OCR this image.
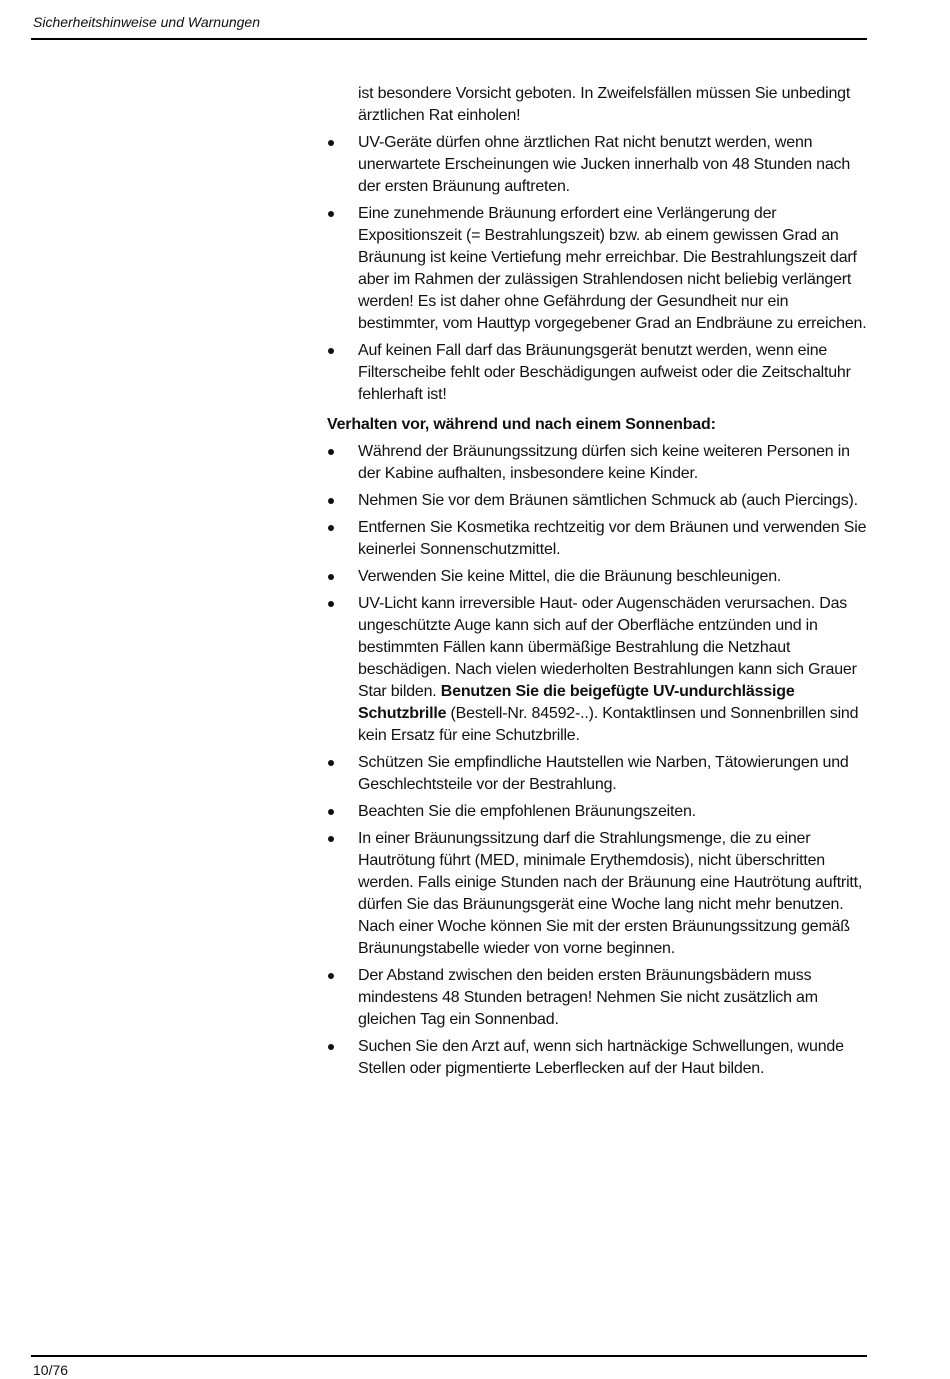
Sicherheitshinweise und Warnungen

ist besondere Vorsicht geboten. In Zweifelsfällen müssen Sie unbedingt ärztlichen Rat einholen!

UV-Geräte dürfen ohne ärztlichen Rat nicht benutzt werden, wenn unerwartete Erscheinungen wie Jucken innerhalb von 48 Stunden nach der ersten Bräunung auftreten.
Eine zunehmende Bräunung erfordert eine Verlängerung der Expositionszeit (= Bestrahlungszeit) bzw. ab einem gewissen Grad an Bräunung ist keine Vertiefung mehr erreichbar. Die Bestrahlungszeit darf aber im Rahmen der zulässigen Strahlendosen nicht beliebig verlängert werden! Es ist daher ohne Gefährdung der Gesundheit nur ein bestimmter, vom Hauttyp vorgegebener Grad an Endbräune zu erreichen.
Auf keinen Fall darf das Bräunungsgerät benutzt werden, wenn eine Filterscheibe fehlt oder Beschädigungen aufweist oder die Zeitschaltuhr fehlerhaft ist!
Verhalten vor, während und nach einem Sonnenbad:
Während der Bräunungssitzung dürfen sich keine weiteren Personen in der Kabine aufhalten, insbesondere keine Kinder.
Nehmen Sie vor dem Bräunen sämtlichen Schmuck ab (auch Piercings).
Entfernen Sie Kosmetika rechtzeitig vor dem Bräunen und verwenden Sie keinerlei Sonnenschutzmittel.
Verwenden Sie keine Mittel, die die Bräunung beschleunigen.
UV-Licht kann irreversible Haut- oder Augenschäden verursachen. Das ungeschützte Auge kann sich auf der Oberfläche entzünden und in bestimmten Fällen kann übermäßige Bestrahlung die Netzhaut beschädigen. Nach vielen wiederholten Bestrahlungen kann sich Grauer Star bilden. Benutzen Sie die beigefügte UV-undurchlässige Schutzbrille (Bestell-Nr. 84592-..). Kontaktlinsen und Sonnenbrillen sind kein Ersatz für eine Schutzbrille.
Schützen Sie empfindliche Hautstellen wie Narben, Tätowierungen und Geschlechtsteile vor der Bestrahlung.
Beachten Sie die empfohlenen Bräunungszeiten.
In einer Bräunungssitzung darf die Strahlungsmenge, die zu einer Hautrötung führt (MED, minimale Erythemdosis), nicht überschritten werden. Falls einige Stunden nach der Bräunung eine Hautrötung auftritt, dürfen Sie das Bräunungsgerät eine Woche lang nicht mehr benutzen. Nach einer Woche können Sie mit der ersten Bräunungssitzung gemäß Bräunungstabelle wieder von vorne beginnen.
Der Abstand zwischen den beiden ersten Bräunungsbädern muss mindestens 48 Stunden betragen! Nehmen Sie nicht zusätzlich am gleichen Tag ein Sonnenbad.
Suchen Sie den Arzt auf, wenn sich hartnäckige Schwellungen, wunde Stellen oder pigmentierte Leberflecken auf der Haut bilden.
10/76
